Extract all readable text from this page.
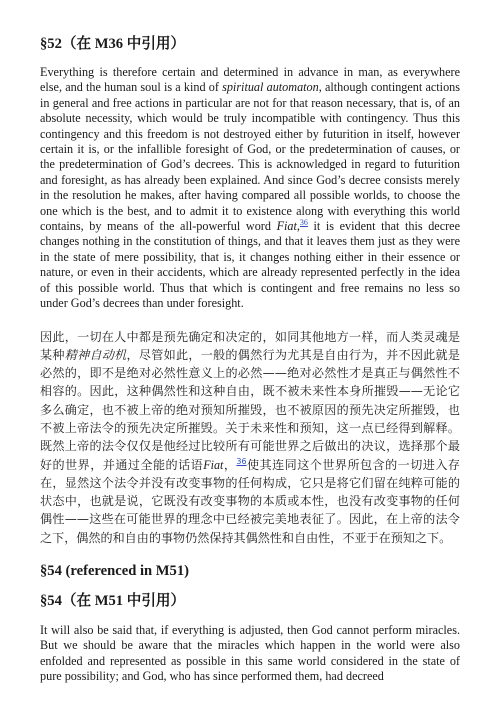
§52（在 M36 中引用）

Everything is therefore certain and determined in advance in man, as everywhere else, and the human soul is a kind of spiritual automaton, although contingent actions in general and free actions in particular are not for that reason necessary, that is, of an absolute necessity, which would be truly incompatible with contingency. Thus this contingency and this freedom is not destroyed either by futurition in itself, however certain it is, or the infallible foresight of God, or the predetermination of causes, or the predetermination of God’s decrees. This is acknowledged in regard to futurition and foresight, as has already been explained. And since God’s decree consists merely in the resolution he makes, after having compared all possible worlds, to choose the one which is the best, and to admit it to existence along with everything this world contains, by means of the all-powerful word Fiat,$^{36}$ it is evident that this decree changes nothing in the constitution of things, and that it leaves them just as they were in the state of mere possibility, that is, it changes nothing either in their essence or nature, or even in their accidents, which are already represented perfectly in the idea of this possible world. Thus that which is contingent and free remains no less so under God’s decrees than under foresight.

因此，一切在人中都是预先确定和决定的，如同其他地方一样，而人类灵魂是某种精神自动机，尽管如此，一般的偶然行为尤其是自由行为，并不因此就是必然的，即不是绝对必然性意义上的必然——绝对必然性才是真正与偶然性不相容的。因此，这种偶然性和这种自由，既不被未来性本身所摧毁——无论它多么确定，也不被上帝的绝对预知所摧毁，也不被原因的预先决定所摧毁，也不被上帝法令的预先决定所摧毁。关于未来性和预知，这一点已经得到解释。既然上帝的法令仅仅是他经过比较所有可能世界之后做出的决议，选择那个最好的世界，并通过全能的话语Fiat，$^{36}$使其连同这个世界所包含的一切进入存在，显然这个法令并没有改变事物的任何构成，它只是将它们留在纯粹可能的状态中，也就是说，它既没有改变事物的本质或本性，也没有改变事物的任何偶性——这些在可能世界的理念中已经被完美地表征了。因此，在上帝的法令之下，偶然的和自由的事物仍然保持其偶然性和自由性，不亚于在预知之下。

§54 (referenced in M51)
§54（在 M51 中引用）

It will also be said that, if everything is adjusted, then God cannot perform miracles. But we should be aware that the miracles which happen in the world were also enfolded and represented as possible in this same world considered in the state of pure possibility; and God, who has since performed them, had decreed
